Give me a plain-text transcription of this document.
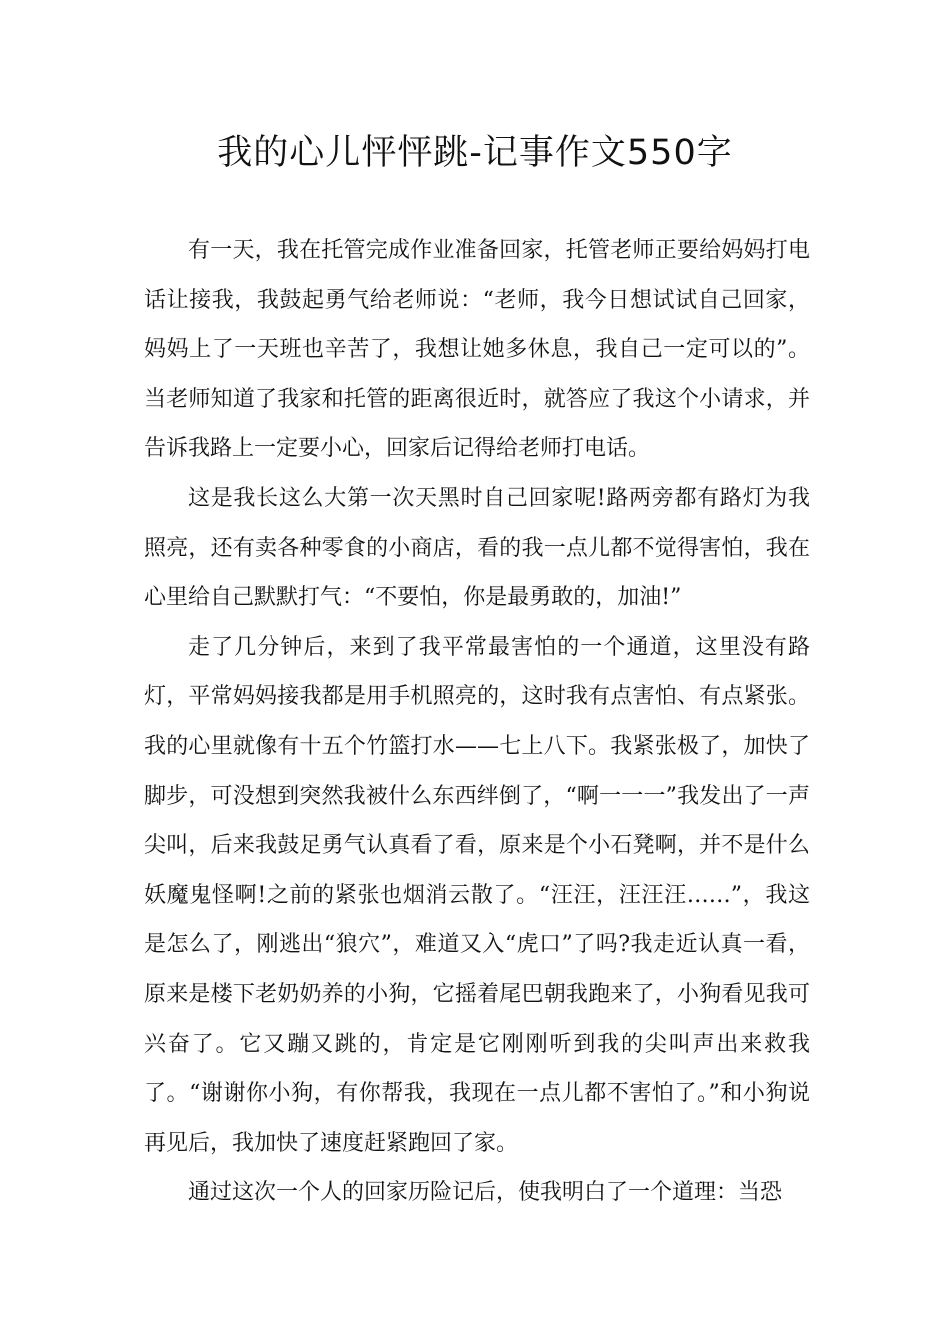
我的心儿怦怦跳-记事作文550字

有一天，我在托管完成作业准备回家，托管老师正要给妈妈打电话让接我，我鼓起勇气给老师说：“老师，我今日想试试自己回家，妈妈上了一天班也辛苦了，我想让她多休息，我自己一定可以的”。当老师知道了我家和托管的距离很近时，就答应了我这个小请求，并告诉我路上一定要小心，回家后记得给老师打电话。

这是我长这么大第一次天黑时自己回家呢!路两旁都有路灯为我照亮，还有卖各种零食的小商店，看的我一点儿都不觉得害怕，我在心里给自己默默打气：“不要怕，你是最勇敢的，加油!”

走了几分钟后，来到了我平常最害怕的一个通道，这里没有路灯，平常妈妈接我都是用手机照亮的，这时我有点害怕、有点紧张。我的心里就像有十五个竹篮打水——七上八下。我紧张极了，加快了脚步，可没想到突然我被什么东西绊倒了，“啊一一一”我发出了一声尖叫，后来我鼓足勇气认真看了看，原来是个小石凳啊，并不是什么妖魔鬼怪啊!之前的紧张也烟消云散了。“汪汪，汪汪汪……”，我这是怎么了，刚逃出“狼穴”，难道又入“虎口”了吗?我走近认真一看，原来是楼下老奶奶养的小狗，它摇着尾巴朝我跑来了，小狗看见我可兴奋了。它又蹦又跳的，肯定是它刚刚听到我的尖叫声出来救我了。“谢谢你小狗，有你帮我，我现在一点儿都不害怕了。”和小狗说再见后，我加快了速度赶紧跑回了家。

通过这次一个人的回家历险记后，使我明白了一个道理：当恐
